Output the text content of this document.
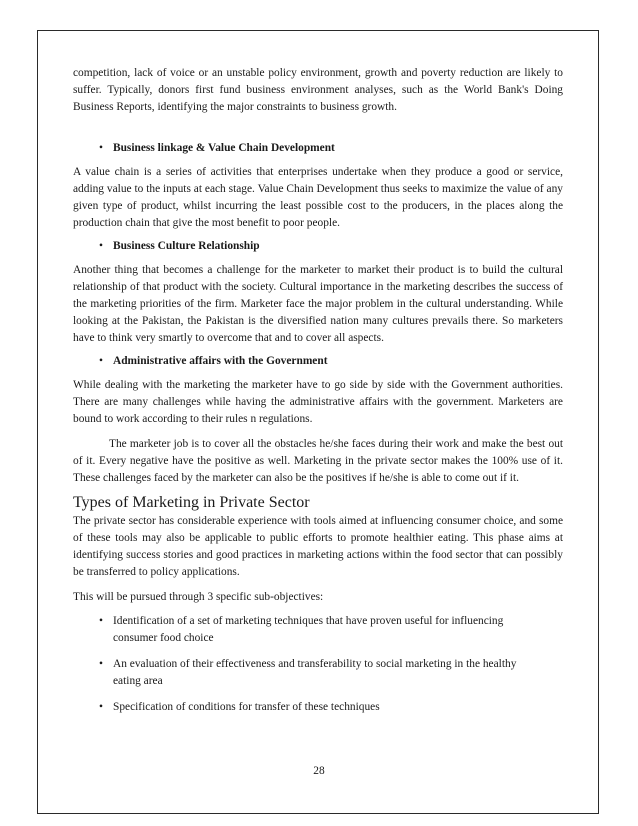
competition, lack of voice or an unstable policy environment, growth and poverty reduction are likely to suffer. Typically, donors first fund business environment analyses, such as the World Bank's Doing Business Reports, identifying the major constraints to business growth.

• Business linkage & Value Chain Development

A value chain is a series of activities that enterprises undertake when they produce a good or service, adding value to the inputs at each stage. Value Chain Development thus seeks to maximize the value of any given type of product, whilst incurring the least possible cost to the producers, in the places along the production chain that give the most benefit to poor people.

• Business Culture Relationship

Another thing that becomes a challenge for the marketer to market their product is to build the cultural relationship of that product with the society. Cultural importance in the marketing describes the success of the marketing priorities of the firm. Marketer face the major problem in the cultural understanding. While looking at the Pakistan, the Pakistan is the diversified nation many cultures prevails there. So marketers have to think very smartly to overcome that and to cover all aspects.

• Administrative affairs with the Government

While dealing with the marketing the marketer have to go side by side with the Government authorities. There are many challenges while having the administrative affairs with the government. Marketers are bound to work according to their rules n regulations.

The marketer job is to cover all the obstacles he/she faces during their work and make the best out of it. Every negative have the positive as well. Marketing in the private sector makes the 100% use of it. These challenges faced by the marketer can also be the positives if he/she is able to come out if it.

Types of Marketing in Private Sector

The private sector has considerable experience with tools aimed at influencing consumer choice, and some of these tools may also be applicable to public efforts to promote healthier eating. This phase aims at identifying success stories and good practices in marketing actions within the food sector that can possibly be transferred to policy applications.

This will be pursued through 3 specific sub-objectives:

• Identification of a set of marketing techniques that have proven useful for influencing consumer food choice
• An evaluation of their effectiveness and transferability to social marketing in the healthy eating area
• Specification of conditions for transfer of these techniques
28
